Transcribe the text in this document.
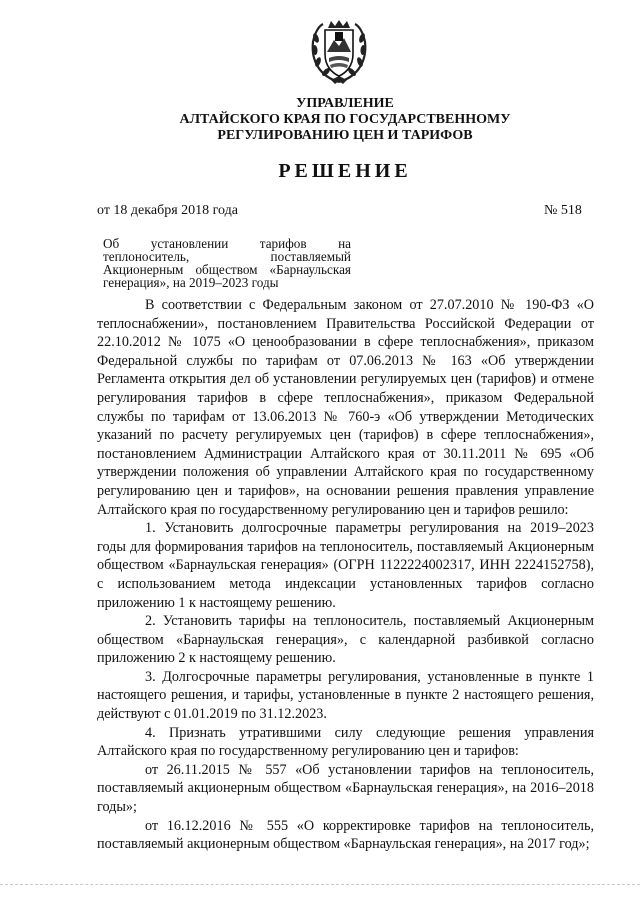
УПРАВЛЕНИЕ
АЛТАЙСКОГО КРАЯ ПО ГОСУДАРСТВЕННОМУ
РЕГУЛИРОВАНИЮ ЦЕН И ТАРИФОВ
РЕШЕНИЕ
от 18 декабря 2018 года	№ 518
Об установлении тарифов на теплоноситель, поставляемый Акционерным обществом «Барнаульская генерация», на 2019–2023 годы

В соответствии с Федеральным законом от 27.07.2010 № 190-ФЗ «О теплоснабжении», постановлением Правительства Российской Федерации от 22.10.2012 № 1075 «О ценообразовании в сфере теплоснабжения», приказом Федеральной службы по тарифам от 07.06.2013 № 163 «Об утверждении Регламента открытия дел об установлении регулируемых цен (тарифов) и отмене регулирования тарифов в сфере теплоснабжения», приказом Федеральной службы по тарифам от 13.06.2013 № 760-э «Об утверждении Методических указаний по расчету регулируемых цен (тарифов) в сфере теплоснабжения», постановлением Администрации Алтайского края от 30.11.2011 № 695 «Об утверждении положения об управлении Алтайского края по государственному регулированию цен и тарифов», на основании решения правления управление Алтайского края по государственному регулированию цен и тарифов решило:

1. Установить долгосрочные параметры регулирования на 2019–2023 годы для формирования тарифов на теплоноситель, поставляемый Акционерным обществом «Барнаульская генерация» (ОГРН 1122224002317, ИНН 2224152758), с использованием метода индексации установленных тарифов согласно приложению 1 к настоящему решению.

2. Установить тарифы на теплоноситель, поставляемый Акционерным обществом «Барнаульская генерация», с календарной разбивкой согласно приложению 2 к настоящему решению.

3. Долгосрочные параметры регулирования, установленные в пункте 1 настоящего решения, и тарифы, установленные в пункте 2 настоящего решения, действуют с 01.01.2019 по 31.12.2023.

4. Признать утратившими силу следующие решения управления Алтайского края по государственному регулированию цен и тарифов:

от 26.11.2015 № 557 «Об установлении тарифов на теплоноситель, поставляемый акционерным обществом «Барнаульская генерация», на 2016–2018 годы»;

от 16.12.2016 № 555 «О корректировке тарифов на теплоноситель, поставляемый акционерным обществом «Барнаульская генерация», на 2017 год»;
